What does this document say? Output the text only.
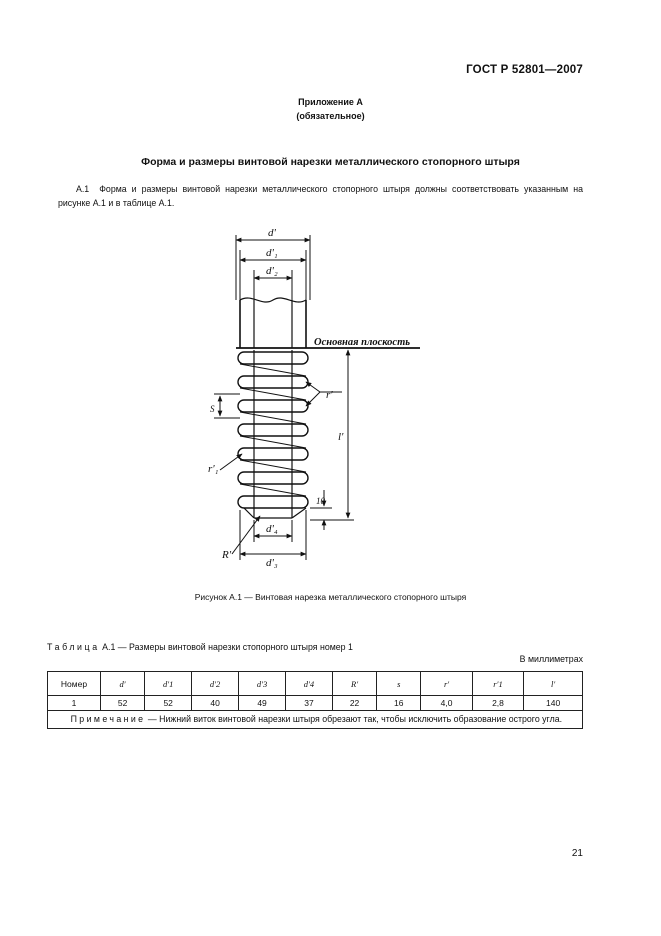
ГОСТ Р 52801—2007
Приложение А
(обязательное)
Форма и размеры винтовой нарезки металлического стопорного штыря
А.1 Форма и размеры винтовой нарезки металлического стопорного штыря должны соответствовать указанным на рисунке А.1 и в таблице А.1.
d'
d'₁
d'₂
Основная плоскость
r'
S
l'
r'₁
10
d'₄
R'
d'₃
Рисунок А.1 — Винтовая нарезка металлического стопорного штыря
Таблица А.1 — Размеры винтовой нарезки стопорного штыря номер 1
В миллиметрах
Номер	d′	d′1	d′2	d′3	d′4	R′	s	r′	r′1	l′
1	52	52	40	49	37	22	16	4,0	2,8	140
Примечание — Нижний виток винтовой нарезки штыря обрезают так, чтобы исключить образование острого угла.										
21
